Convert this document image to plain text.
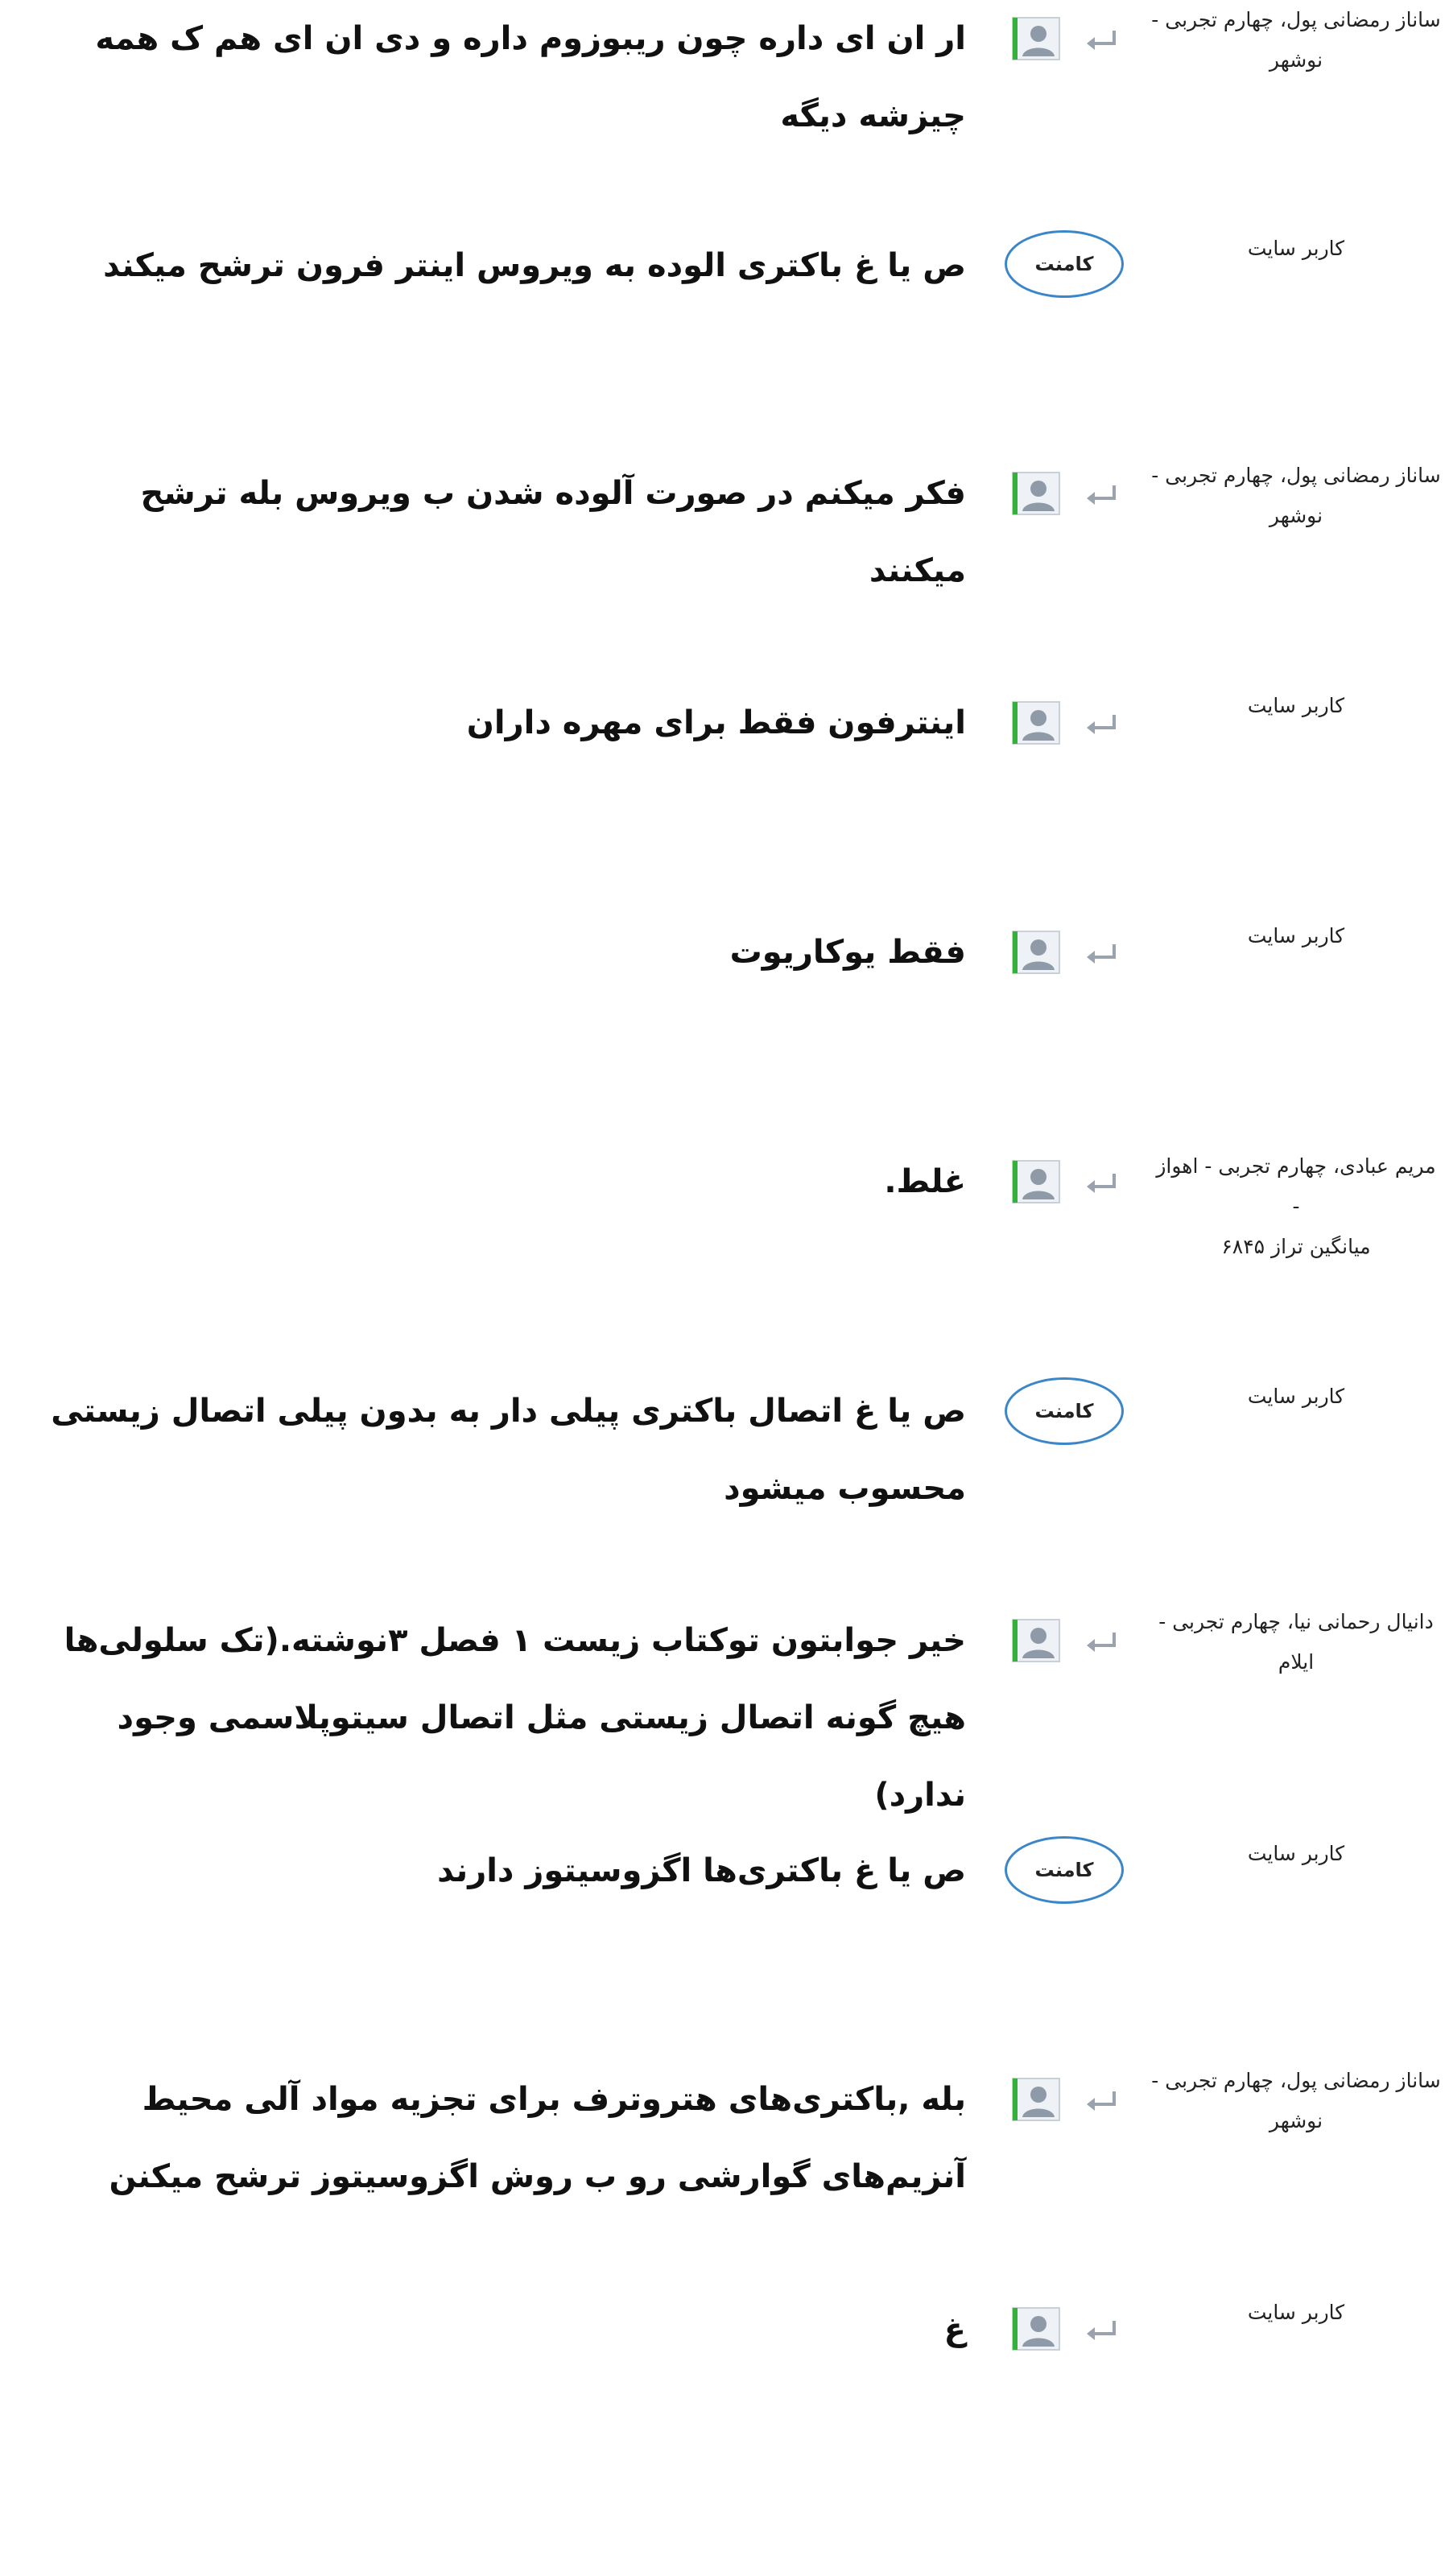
ساناز رمضانی پول، چهارم تجربی -
نوشهر
ار ان ای داره چون ریبوزوم داره و دی ان ای هم ک همه چیزشه دیگه
کاربر سایت
کامنت
ص یا غ باکتری الوده به ویروس اینتر فرون ترشح میکند
ساناز رمضانی پول، چهارم تجربی -
نوشهر
فکر میکنم در صورت آلوده شدن ب ویروس بله ترشح میکنند
کاربر سایت
اینترفون فقط برای مهره داران
کاربر سایت
فقط یوکاریوت
مریم عبادی، چهارم تجربی - اهواز -
میانگین تراز ۶۸۴۵
غلط.
کاربر سایت
کامنت
ص یا غ اتصال باکتری پیلی دار به بدون پیلی اتصال زیستی محسوب میشود
دانیال رحمانی نیا، چهارم تجربی -
ایلام
خیر جوابتون توکتاب زیست ۱ فصل ۳نوشته.(تک سلولی‌ها هیچ گونه اتصال زیستی مثل اتصال سیتوپلاسمی وجود ندارد)
کاربر سایت
کامنت
ص یا غ باکتری‌ها اگزوسیتوز دارند
ساناز رمضانی پول، چهارم تجربی -
نوشهر
بله ,باکتری‌های هتروترف برای تجزیه مواد آلی محیط آنزیم‌های گوارشی رو ب روش اگزوسیتوز ترشح میکنن
کاربر سایت
غ
